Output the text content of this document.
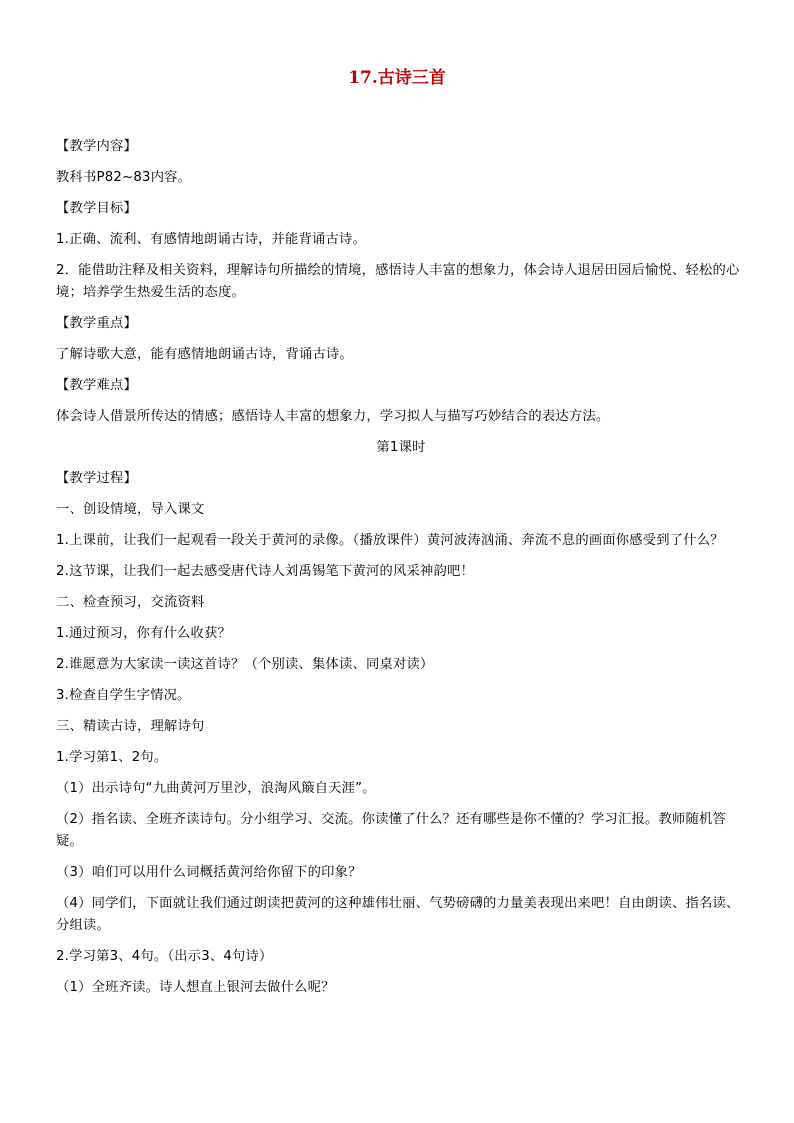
17.古诗三首

【教学内容】

教科书P82~83内容。

【教学目标】

1.正确、流利、有感情地朗诵古诗，并能背诵古诗。

2．能借助注释及相关资料，理解诗句所描绘的情境，感悟诗人丰富的想象力，体会诗人退居田园后愉悦、轻松的心境；培养学生热爱生活的态度。

【教学重点】

了解诗歌大意，能有感情地朗诵古诗，背诵古诗。

【教学难点】

体会诗人借景所传达的情感；感悟诗人丰富的想象力，学习拟人与描写巧妙结合的表达方法。

第1课时

【教学过程】

一、创设情境，导入课文

1.上课前，让我们一起观看一段关于黄河的录像。（播放课件）黄河波涛汹涌、奔流不息的画面你感受到了什么？

2.这节课，让我们一起去感受唐代诗人刘禹锡笔下黄河的风采神韵吧！

二、检查预习，交流资料

1.通过预习，你有什么收获？

2.谁愿意为大家读一读这首诗？（个别读、集体读、同桌对读）

3.检查自学生字情况。

三、精读古诗，理解诗句

1.学习第1、2句。

（1）出示诗句“九曲黄河万里沙，浪淘风簸自天涯”。

（2）指名读、全班齐读诗句。分小组学习、交流。你读懂了什么？还有哪些是你不懂的？学习汇报。教师随机答疑。

（3）咱们可以用什么词概括黄河给你留下的印象？

（4）同学们，下面就让我们通过朗读把黄河的这种雄伟壮丽、气势磅礴的力量美表现出来吧！自由朗读、指名读、分组读。

2.学习第3、4句。（出示3、4句诗）

（1）全班齐读。诗人想直上银河去做什么呢？
